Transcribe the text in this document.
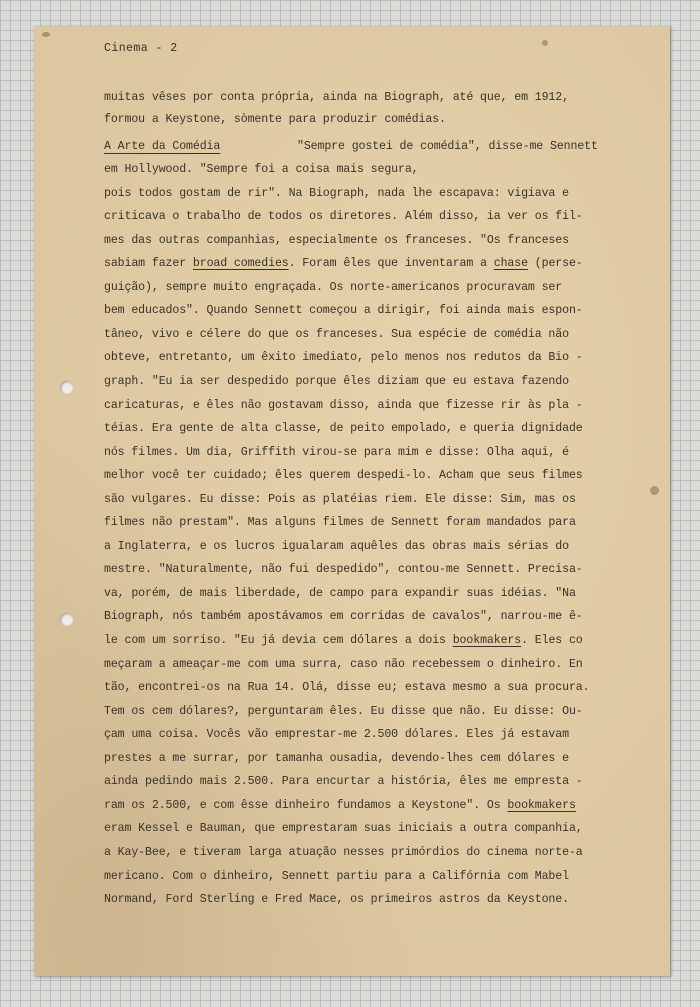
Cinema - 2
muitas vêses por conta própria, ainda na Biograph, até que, em 1912,
formou a Keystone, sòmente para produzir comédias.
A Arte da Comédia	"Sempre gostei de comédia", disse-me Sennett
em Hollywood. "Sempre foi a coisa mais segura,
pois todos gostam de rir". Na Biograph, nada lhe escapava: vigiava e
criticava o trabalho de todos os diretores. Além disso, ia ver os fil-
mes das outras companhias, especialmente os franceses. "Os franceses
sabiam fazer broad comedies. Foram êles que inventaram a chase (perse-
guição), sempre muito engraçada. Os norte-americanos procuravam ser
bem educados". Quando Sennett começou a dirigir, foi ainda mais espon-
tâneo, vivo e célere do que os franceses. Sua espécie de comédia não
obteve, entretanto, um êxito imediato, pelo menos nos redutos da Bio -
graph. "Eu ia ser despedido porque êles diziam que eu estava fazendo
caricaturas, e êles não gostavam disso, ainda que fizesse rir às pla -
téias. Era gente de alta classe, de peito empolado, e queria dignidade
nós filmes. Um dia, Griffith virou-se para mim e disse: Olha aqui, é
melhor você ter cuidado; êles querem despedi-lo. Acham que seus filmes
são vulgares. Eu disse: Pois as platéias riem. Ele disse: Sim, mas os
filmes não prestam". Mas alguns filmes de Sennett foram mandados para
a Inglaterra, e os lucros igualaram aquêles das obras mais sérias do
mestre. "Naturalmente, não fui despedido", contou-me Sennett. Precisa-
va, porém, de mais liberdade, de campo para expandir suas idéias. "Na
Biograph, nós também apostávamos em corridas de cavalos", narrou-me ê-
le com um sorriso. "Eu já devia cem dólares a dois bookmakers. Eles co
meçaram a ameaçar-me com uma surra, caso não recebessem o dinheiro. En
tão, encontrei-os na Rua 14. Olá, disse eu; estava mesmo a sua procura.
Tem os cem dólares?, perguntaram êles. Eu disse que não. Eu disse: Ou-
çam uma coisa. Vocês vão emprestar-me 2.500 dólares. Eles já estavam
prestes a me surrar, por tamanha ousadia, devendo-lhes cem dólares e
ainda pedindo mais 2.500. Para encurtar a história, êles me empresta -
ram os 2.500, e com êsse dinheiro fundamos a Keystone". Os bookmakers
eram Kessel e Bauman, que emprestaram suas iniciais a outra companhia,
a Kay-Bee, e tiveram larga atuação nesses primórdios do cinema norte-a
mericano. Com o dinheiro, Sennett partiu para a Califórnia com Mabel
Normand, Ford Sterling e Fred Mace, os primeiros astros da Keystone.
